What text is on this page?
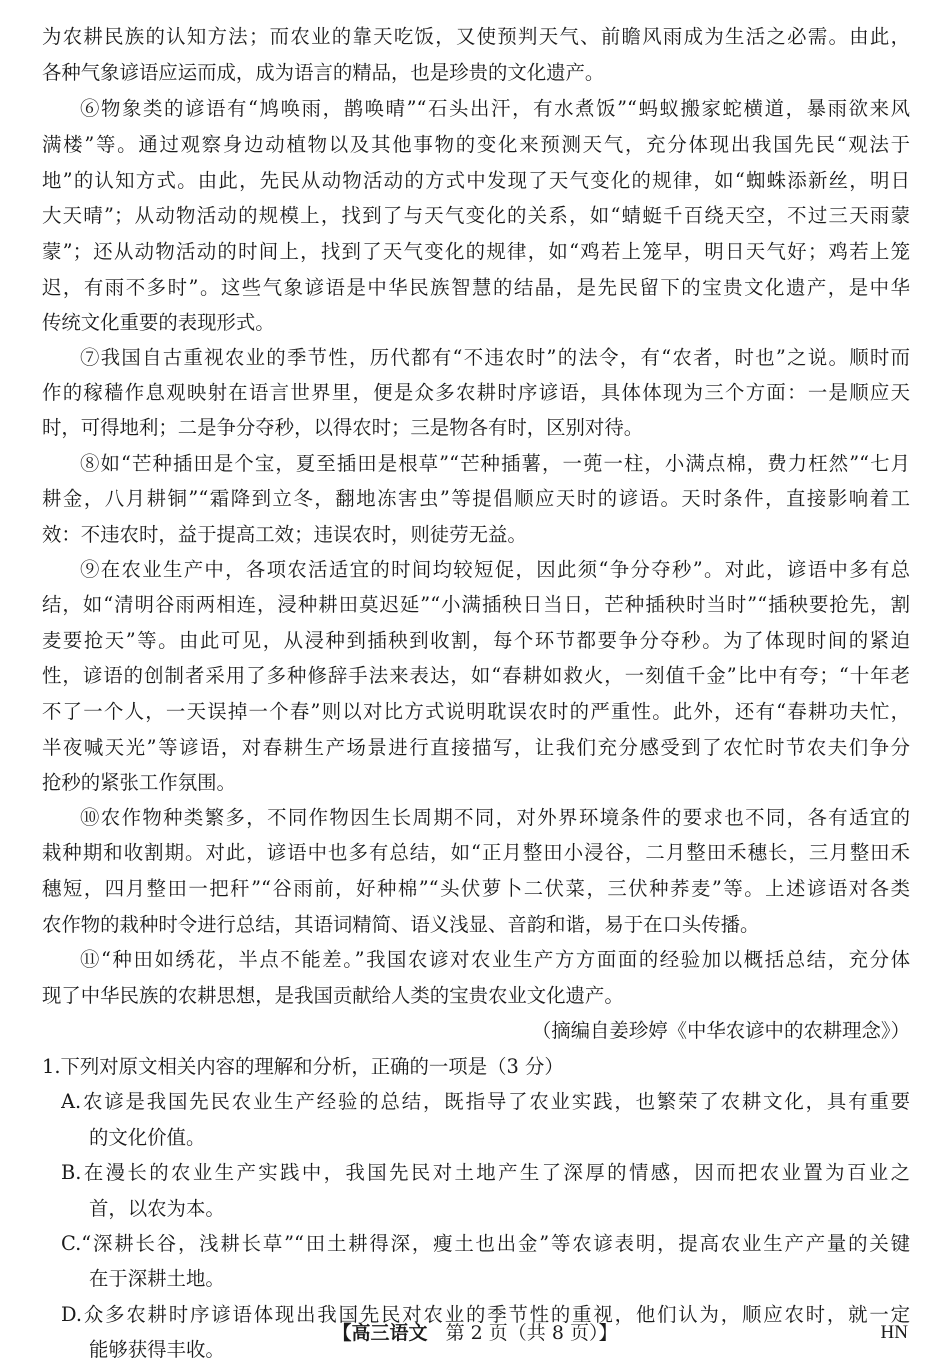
为农耕民族的认知方法；而农业的靠天吃饭，又使预判天气、前瞻风雨成为生活之必需。由此，
各种气象谚语应运而成，成为语言的精品，也是珍贵的文化遗产。
⑥物象类的谚语有“鸠唤雨，鹊唤晴”“石头出汗，有水煮饭”“蚂蚁搬家蛇横道，暴雨欲来风
满楼”等。通过观察身边动植物以及其他事物的变化来预测天气，充分体现出我国先民“观法于
地”的认知方式。由此，先民从动物活动的方式中发现了天气变化的规律，如“蜘蛛添新丝，明日
大天晴”；从动物活动的规模上，找到了与天气变化的关系，如“蜻蜓千百绕天空，不过三天雨蒙
蒙”；还从动物活动的时间上，找到了天气变化的规律，如“鸡若上笼早，明日天气好；鸡若上笼
迟，有雨不多时”。这些气象谚语是中华民族智慧的结晶，是先民留下的宝贵文化遗产，是中华
传统文化重要的表现形式。
⑦我国自古重视农业的季节性，历代都有“不违农时”的法令，有“农者，时也”之说。顺时而
作的稼穑作息观映射在语言世界里，便是众多农耕时序谚语，具体体现为三个方面：一是顺应天
时，可得地利；二是争分夺秒，以得农时；三是物各有时，区别对待。
⑧如“芒种插田是个宝，夏至插田是根草”“芒种插薯，一蔸一柱，小满点棉，费力枉然”“七月
耕金，八月耕铜”“霜降到立冬，翻地冻害虫”等提倡顺应天时的谚语。天时条件，直接影响着工
效：不违农时，益于提高工效；违误农时，则徒劳无益。
⑨在农业生产中，各项农活适宜的时间均较短促，因此须“争分夺秒”。对此，谚语中多有总
结，如“清明谷雨两相连，浸种耕田莫迟延”“小满插秧日当日，芒种插秧时当时”“插秧要抢先，割
麦要抢天”等。由此可见，从浸种到插秧到收割，每个环节都要争分夺秒。为了体现时间的紧迫
性，谚语的创制者采用了多种修辞手法来表达，如“春耕如救火，一刻值千金”比中有夸；“十年老
不了一个人，一天误掉一个春”则以对比方式说明耽误农时的严重性。此外，还有“春耕功夫忙，
半夜喊天光”等谚语，对春耕生产场景进行直接描写，让我们充分感受到了农忙时节农夫们争分
抢秒的紧张工作氛围。
⑩农作物种类繁多，不同作物因生长周期不同，对外界环境条件的要求也不同，各有适宜的
栽种期和收割期。对此，谚语中也多有总结，如“正月整田小浸谷，二月整田禾穗长，三月整田禾
穗短，四月整田一把秆”“谷雨前，好种棉”“头伏萝卜二伏菜，三伏种荞麦”等。上述谚语对各类
农作物的栽种时令进行总结，其语词精简、语义浅显、音韵和谐，易于在口头传播。
⑪“种田如绣花，半点不能差。”我国农谚对农业生产方方面面的经验加以概括总结，充分体
现了中华民族的农耕思想，是我国贡献给人类的宝贵农业文化遗产。
（摘编自姜珍婷《中华农谚中的农耕理念》）
1.下列对原文相关内容的理解和分析，正确的一项是（3 分）
A.农谚是我国先民农业生产经验的总结，既指导了农业实践，也繁荣了农耕文化，具有重要
的文化价值。
B.在漫长的农业生产实践中，我国先民对土地产生了深厚的情感，因而把农业置为百业之
首，以农为本。
C.“深耕长谷，浅耕长草”“田土耕得深，瘦土也出金”等农谚表明，提高农业生产产量的关键
在于深耕土地。
D.众多农耕时序谚语体现出我国先民对农业的季节性的重视，他们认为，顺应农时，就一定
能够获得丰收。
【高三语文 第 2 页（共 8 页）】	HN
